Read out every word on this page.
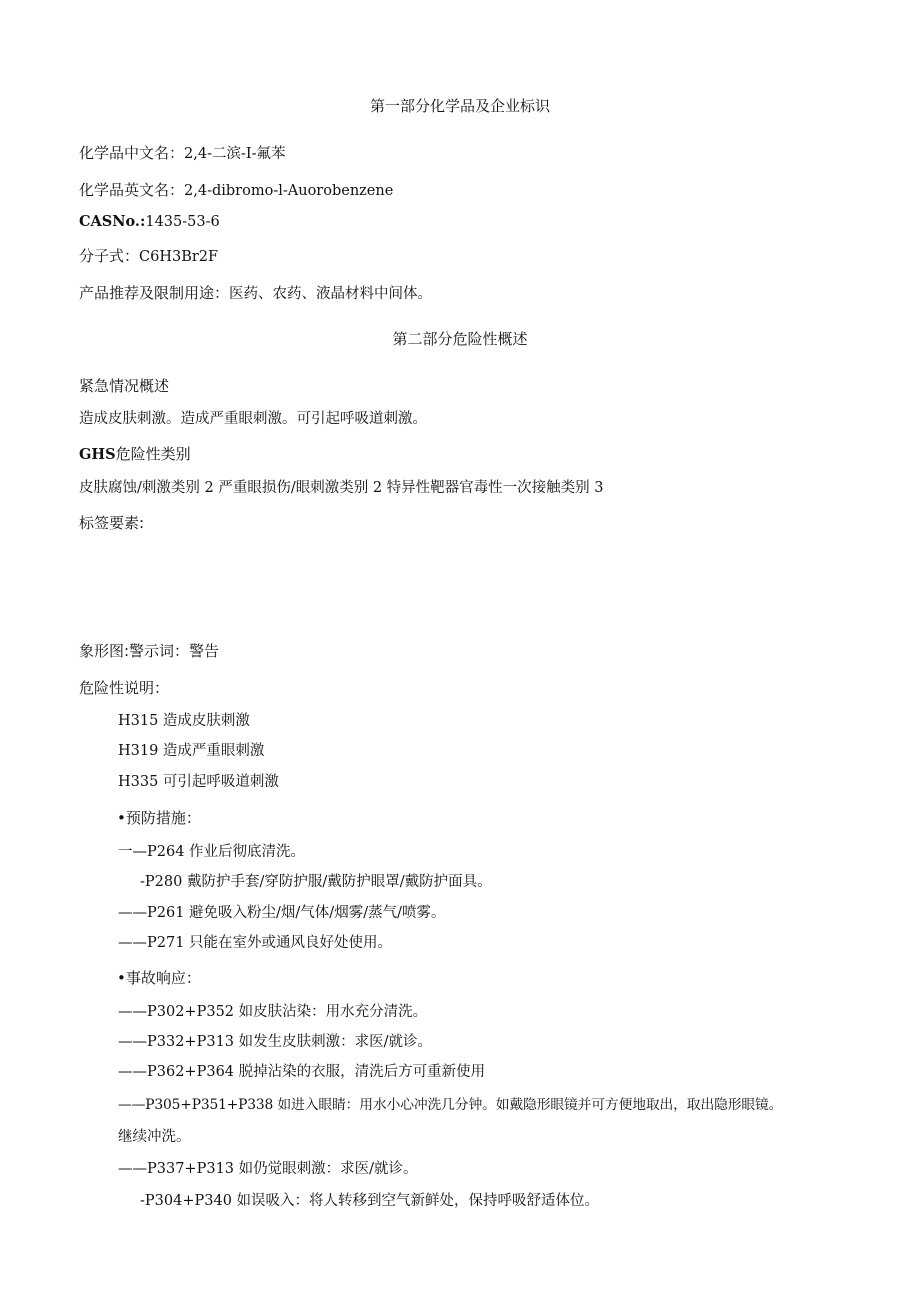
第一部分化学品及企业标识
化学品中文名：2,4-二滨-I-氟苯
化学品英文名：2,4-dibromo-l-Auorobenzene
CASNo.:1435-53-6
分子式：C6H3Br2F
产品推荐及限制用途：医药、农药、液晶材料中间体。
第二部分危险性概述
紧急情况概述
造成皮肤刺激。造成严重眼刺激。可引起呼吸道刺激。
GHS危险性类别
皮肤腐蚀/刺激类别 2 严重眼损伤/眼刺激类别 2 特异性靶器官毒性一次接触类别 3
标签要素:
象形图:警示词：警告
危险性说明：
H315 造成皮肤刺激
H319 造成严重眼刺激
H335 可引起呼吸道刺激
•预防措施：
一—P264 作业后彻底清洗。
-P280 戴防护手套/穿防护服/戴防护眼罩/戴防护面具。
——P261 避免吸入粉尘/烟/气体/烟雾/蒸气/喷雾。
——P271 只能在室外或通风良好处使用。
•事故响应：
——P302+P352 如皮肤沾染：用水充分清洗。
——P332+P313 如发生皮肤刺激：求医/就诊。
——P362+P364 脱掉沾染的衣服，清洗后方可重新使用
——P305+P351+P338 如进入眼睛：用水小心冲洗几分钟。如戴隐形眼镜并可方便地取出，取出隐形眼镜。
继续冲洗。
——P337+P313 如仍觉眼刺激：求医/就诊。
-P304+P340 如误吸入：将人转移到空气新鲜处，保持呼吸舒适体位。
